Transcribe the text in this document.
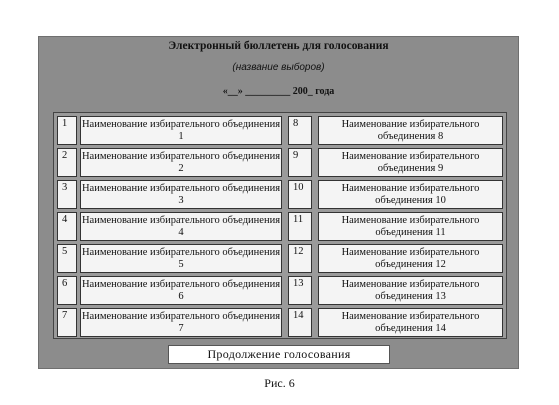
Электронный бюллетень для голосования
(название выборов)
«__» _________ 200_ года
1	Наименование избирательного объединения 1
8	Наименование избирательного объединения 8
2	Наименование избирательного объединения 2
9	Наименование избирательного объединения 9
3	Наименование избирательного объединения 3
10	Наименование избирательного объединения 10
4	Наименование избирательного объединения 4
11	Наименование избирательного объединения 11
5	Наименование избирательного объединения 5
12	Наименование избирательного объединения 12
6	Наименование избирательного объединения 6
13	Наименование избирательного объединения 13
7	Наименование избирательного объединения 7
14	Наименование избирательного объединения 14
Продолжение голосования
Рис. 6
